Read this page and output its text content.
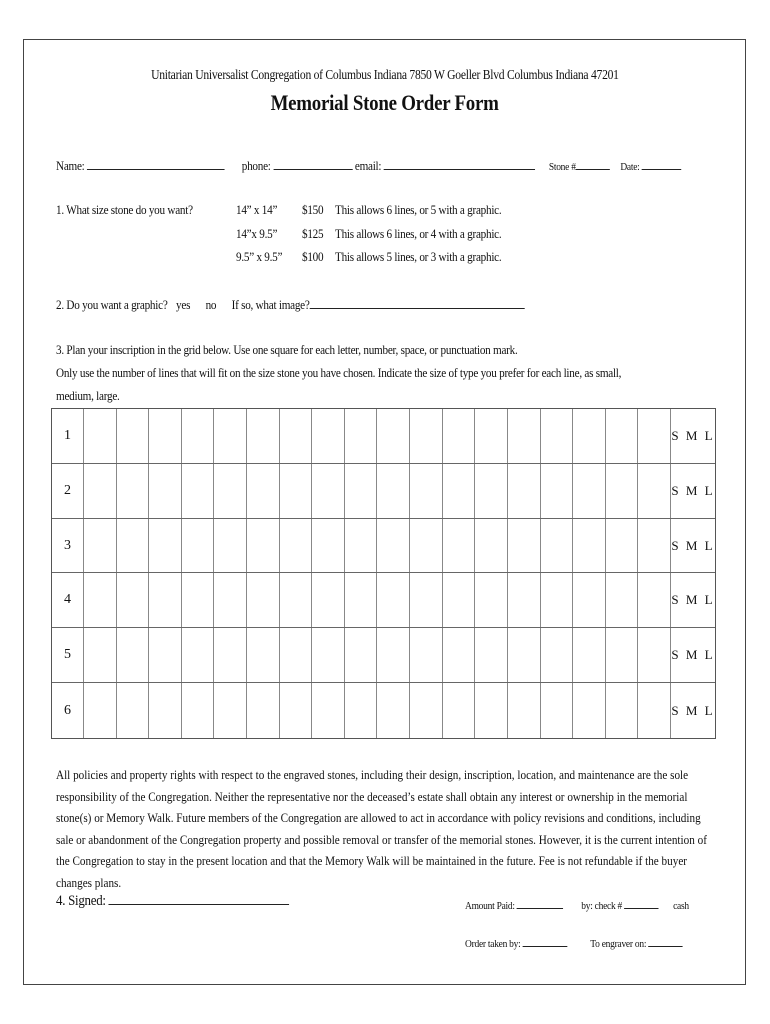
Unitarian Universalist Congregation of Columbus Indiana 7850 W Goeller Blvd Columbus Indiana 47201
Memorial Stone Order Form
Name:	phone:	email:	Stone #	Date:
1. What size stone do you want?	14” x 14” $150 This allows 6 lines, or 5 with a graphic.
14”x 9.5” $125 This allows 6 lines, or 4 with a graphic.
9.5” x 9.5” $100 This allows 5 lines, or 3 with a graphic.
2. Do you want a graphic? yes no If so, what image?
3. Plan your inscription in the grid below. Use one square for each letter, number, space, or punctuation mark.
Only use the number of lines that will fit on the size stone you have chosen. Indicate the size of type you prefer for each line, as small,
medium, large.
1	S M L
2	S M L
3	S M L
4	S M L
5	S M L
6	S M L
All policies and property rights with respect to the engraved stones, including their design, inscription, location, and maintenance are the sole responsibility of the Congregation. Neither the representative nor the deceased’s estate shall obtain any interest or ownership in the memorial stone(s) or Memory Walk. Future members of the Congregation are allowed to act in accordance with policy revisions and conditions, including sale or abandonment of the Congregation property and possible removal or transfer of the memorial stones. However, it is the current intention of the Congregation to stay in the present location and that the Memory Walk will be maintained in the future. Fee is not refundable if the buyer changes plans.
4. Signed:	Amount Paid:	by: check #	cash
Order taken by:	To engraver on:
